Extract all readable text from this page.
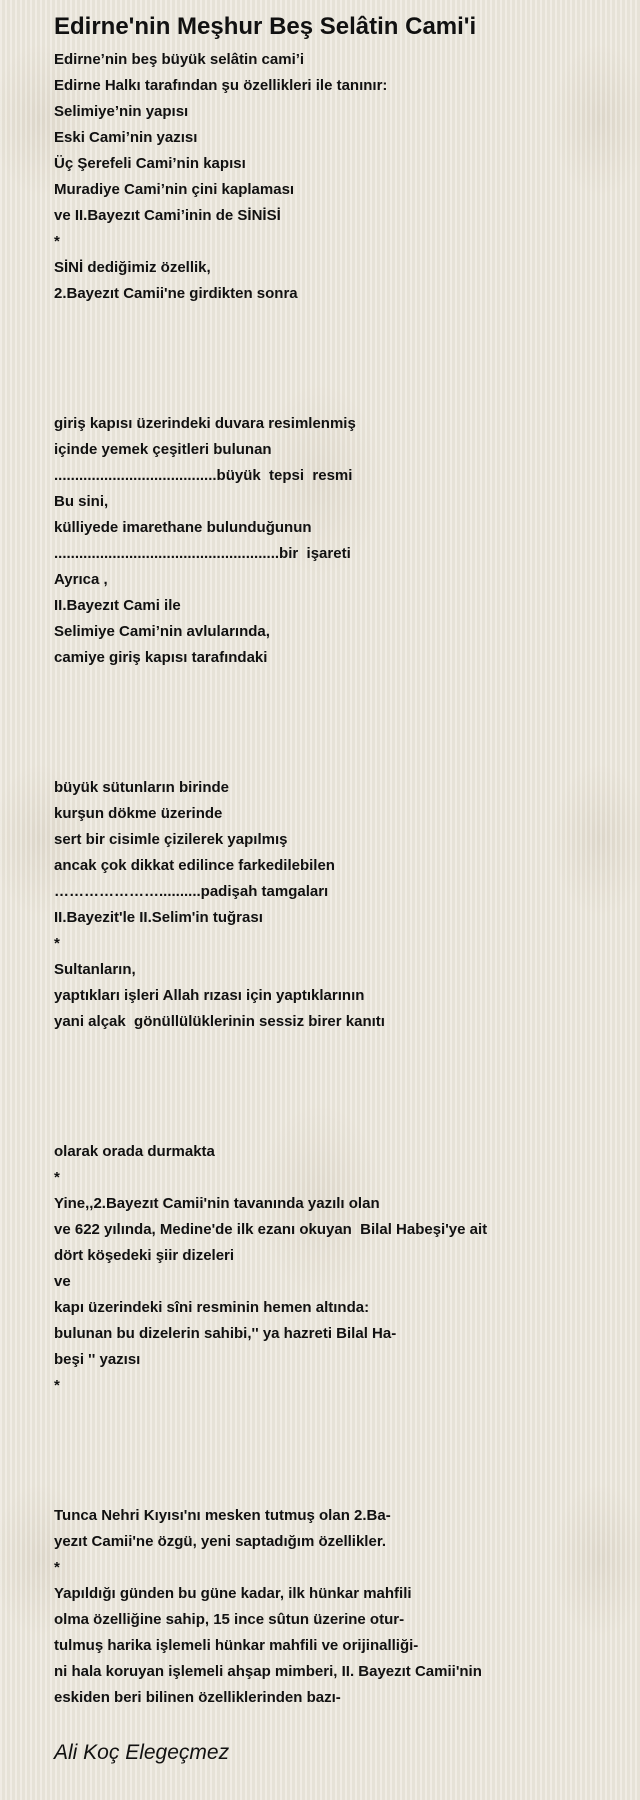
Edirne'nin Meşhur Beş Selâtin Cami'i
Edirne’nin beş büyük selâtin cami’i
Edirne Halkı tarafından şu özellikleri ile tanınır:
Selimiye’nin yapısı
Eski Cami’nin yazısı
Üç Şerefeli Cami’nin kapısı
Muradiye Cami’nin çini kaplaması
ve II.Bayezıt Cami’inin de SİNİSİ
*
SİNİ dediğimiz özellik,
2.Bayezıt Camii'ne girdikten sonra
giriş kapısı üzerindeki duvara resimlenmiş
içinde yemek çeşitleri bulunan
.......................................büyük  tepsi  resmi
Bu sini,
külliyede imarethane bulunduğunun
......................................................bir  işareti
Ayrıca ,
II.Bayezıt Cami ile
Selimiye Cami’nin avlularında,
camiye giriş kapısı tarafındaki
büyük sütunların birinde
kurşun dökme üzerinde
sert bir cisimle çizilerek yapılmış
ancak çok dikkat edilince farkedilebilen
…………………..........padişah tamgaları
II.Bayezit'le II.Selim'in tuğrası
*
Sultanların,
yaptıkları işleri Allah rızası için yaptıklarının
yani alçak  gönüllülüklerinin sessiz birer kanıtı
olarak orada durmakta
*
Yine,,2.Bayezıt Camii'nin tavanında yazılı olan
ve 622 yılında, Medine'de ilk ezanı okuyan  Bilal Habeşi'ye ait
dört köşedeki şiir dizeleri
ve
kapı üzerindeki sîni resminin hemen altında:
bulunan bu dizelerin sahibi,'' ya hazreti Bilal Ha-
beşi '' yazısı
*
Tunca Nehri Kıyısı'nı mesken tutmuş olan 2.Ba-
yezıt Camii'ne özgü, yeni saptadığım özellikler.
*
Yapıldığı günden bu güne kadar, ilk hünkar mahfili
olma özelliğine sahip, 15 ince sûtun üzerine otur-
tulmuş harika işlemeli hünkar mahfili ve orijinalliği-
ni hala koruyan işlemeli ahşap mimberi, II. Bayezıt Camii'nin
eskiden beri bilinen özelliklerinden bazı-
Ali Koç Elegeçmez
